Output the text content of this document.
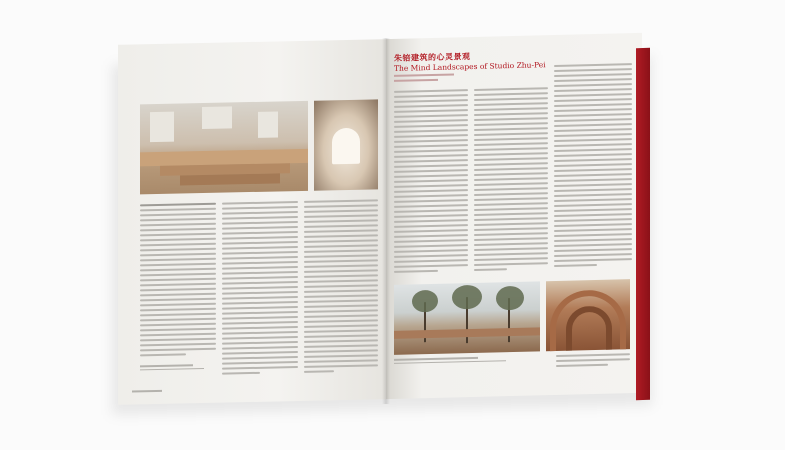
朱锫建筑的心灵景观
The Mind Landscapes of Studio Zhu-Pei
